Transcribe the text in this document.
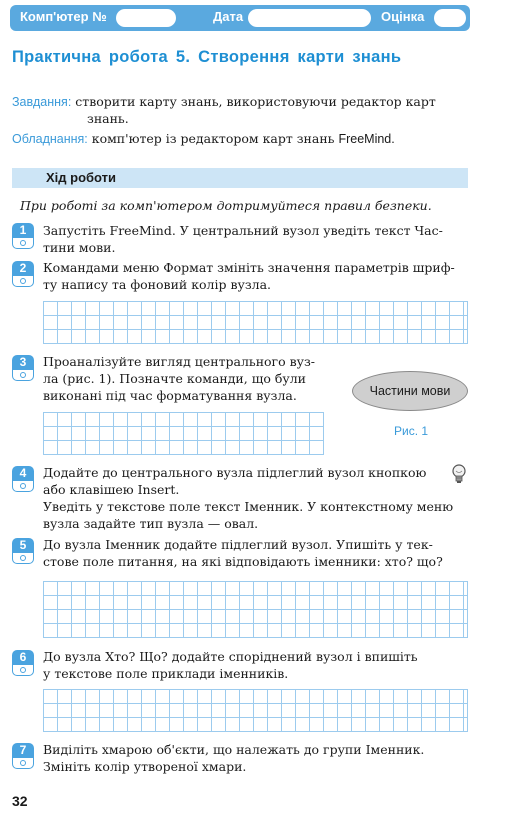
Комп'ютер №	Дата	Оцінка
Практична робота 5. Створення карти знань
Завдання: створити карту знань, використовуючи редактор карт
знань.
Обладнання: комп'ютер із редактором карт знань FreeMind.
Хід роботи
При роботі за комп'ютером дотримуйтеся правил безпеки.
1	Запустіть FreeMind. У центральний вузол уведіть текст Час-
тини мови.
2	Командами меню Формат змініть значення параметрів шриф-
ту напису та фоновий колір вузла.
3	Проаналізуйте вигляд центрального вуз-
ла (рис. 1). Позначте команди, що були
виконані під час форматування вузла.	Частини мови
Рис. 1
4	Додайте до центрального вузла підлеглий вузол кнопкою
або клавішею Insert.
Уведіть у текстове поле текст Іменник. У контекстному меню
вузла задайте тип вузла — овал.
5	До вузла Іменник додайте підлеглий вузол. Упишіть у тек-
стове поле питання, на які відповідають іменники: хто? що?
6	До вузла Хто? Що? додайте споріднений вузол і впишіть
у текстове поле приклади іменників.
7	Виділіть хмарою об'єкти, що належать до групи Іменник.
Змініть колір утвореної хмари.
32
